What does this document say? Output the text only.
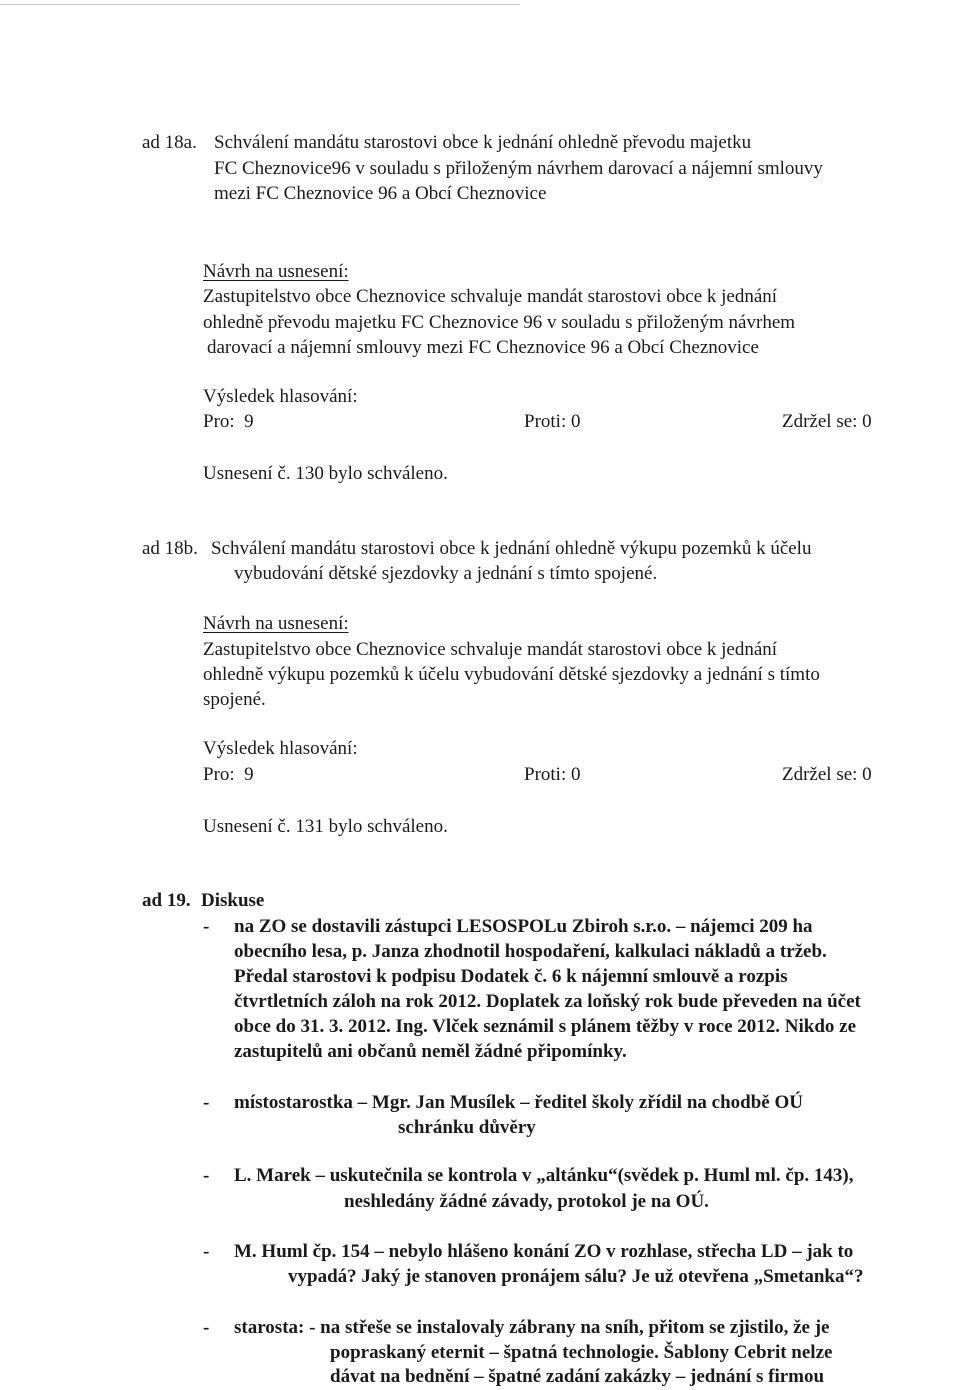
ad 18a. Schválení mandátu starostovi obce k jednání ohledně převodu majetku
FC Cheznovice96 v souladu s přiloženým návrhem darovací a nájemní smlouvy
mezi FC Cheznovice 96 a Obcí Cheznovice
Návrh na usnesení:
Zastupitelstvo obce Cheznovice schvaluje mandát starostovi obce k jednání
ohledně převodu majetku FC Cheznovice 96 v souladu s přiloženým návrhem
darovací a nájemní smlouvy mezi FC Cheznovice 96 a Obcí Cheznovice
Výsledek hlasování:
Pro:  9	Proti: 0	Zdržel se: 0
Usnesení č. 130 bylo schváleno.
ad 18b. Schválení mandátu starostovi obce k jednání ohledně výkupu pozemků k účelu
vybudování dětské sjezdovky a jednání s tímto spojené.
Návrh na usnesení:
Zastupitelstvo obce Cheznovice schvaluje mandát starostovi obce k jednání
ohledně výkupu pozemků k účelu vybudování dětské sjezdovky a jednání s tímto
spojené.
Výsledek hlasování:
Pro:  9	Proti: 0	Zdržel se: 0
Usnesení č. 131 bylo schváleno.
ad 19. Diskuse
- na ZO se dostavili zástupci LESOSPOLu Zbiroh s.r.o. – nájemci 209 ha
obecního lesa, p. Janza zhodnotil hospodaření, kalkulaci nákladů a tržeb.
Předal starostovi k podpisu Dodatek č. 6 k nájemní smlouvě a rozpis
čtvrtletních záloh na rok 2012. Doplatek za loňský rok bude převeden na účet
obce do 31. 3. 2012. Ing. Vlček seznámil s plánem těžby v roce 2012. Nikdo ze
zastupitelů ani občanů neměl žádné připomínky.
- místostarostka – Mgr. Jan Musílek – ředitel školy zřídil na chodbě OÚ
schránku důvěry
- L. Marek – uskutečnila se kontrola v „altánku“(svědek p. Huml ml. čp. 143),
neshledány žádné závady, protokol je na OÚ.
- M. Huml čp. 154 – nebylo hlášeno konání ZO v rozhlase, střecha LD – jak to
vypadá? Jaký je stanoven pronájem sálu? Je už otevřena „Smetanka“?
- starosta: - na střeše se instalovaly zábrany na sníh, přitom se zjistilo, že je
popraskaný eternit – špatná technologie. Šablony Cebrit nelze
dávat na bednění – špatné zadání zakázky – jednání s firmou
